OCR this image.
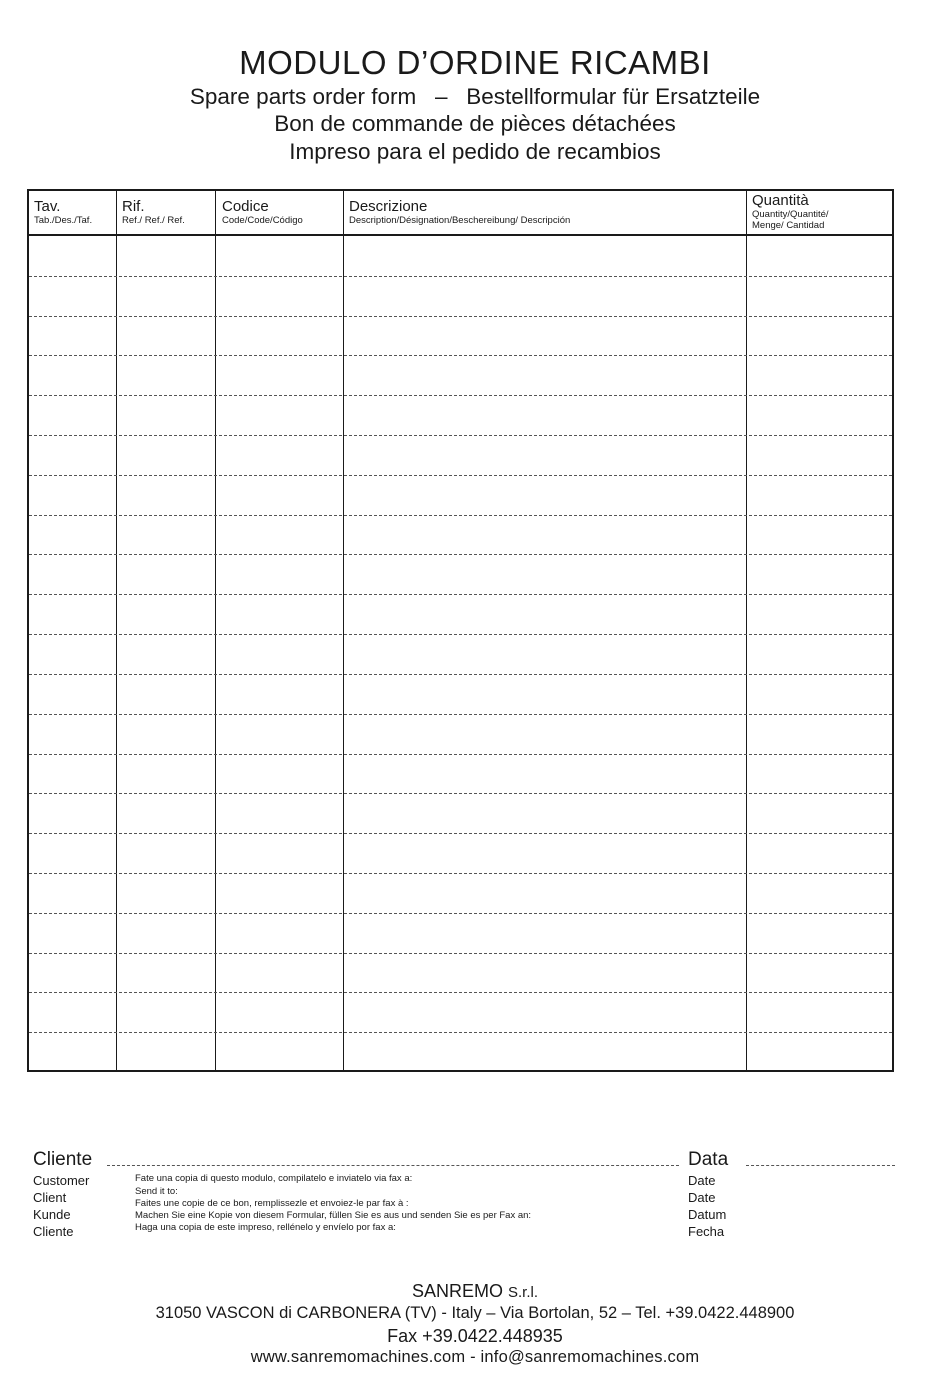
MODULO D’ORDINE RICAMBI
Spare parts order form   –   Bestellformular für Ersatzteile
Bon de commande de pièces détachées
Impreso para el pedido de recambios
Tav.
Tab./Des./Taf.
Rif.
Ref./ Ref./ Ref.
Codice
Code/Code/Código
Descrizione
Description/Désignation/Beschereibung/ Descripción
Quantità
Quantity/Quantité/
Menge/ Cantidad
Cliente	Data
Customer
Client
Kunde
Cliente
Fate una copia di questo modulo, compilatelo e inviatelo via fax a:
Send it to:
Faites une copie de ce bon, remplissezle et envoiez-le par fax à :
Machen Sie eine Kopie von diesem Formular, füllen Sie es aus und senden Sie es per Fax an:
Haga una copia de este impreso, rellénelo y envíelo por fax a:
Date
Date
Datum
Fecha
SANREMO S.r.l.
31050 VASCON di CARBONERA (TV) - Italy – Via Bortolan, 52 – Tel. +39.0422.448900
Fax +39.0422.448935
www.sanremomachines.com - info@sanremomachines.com
